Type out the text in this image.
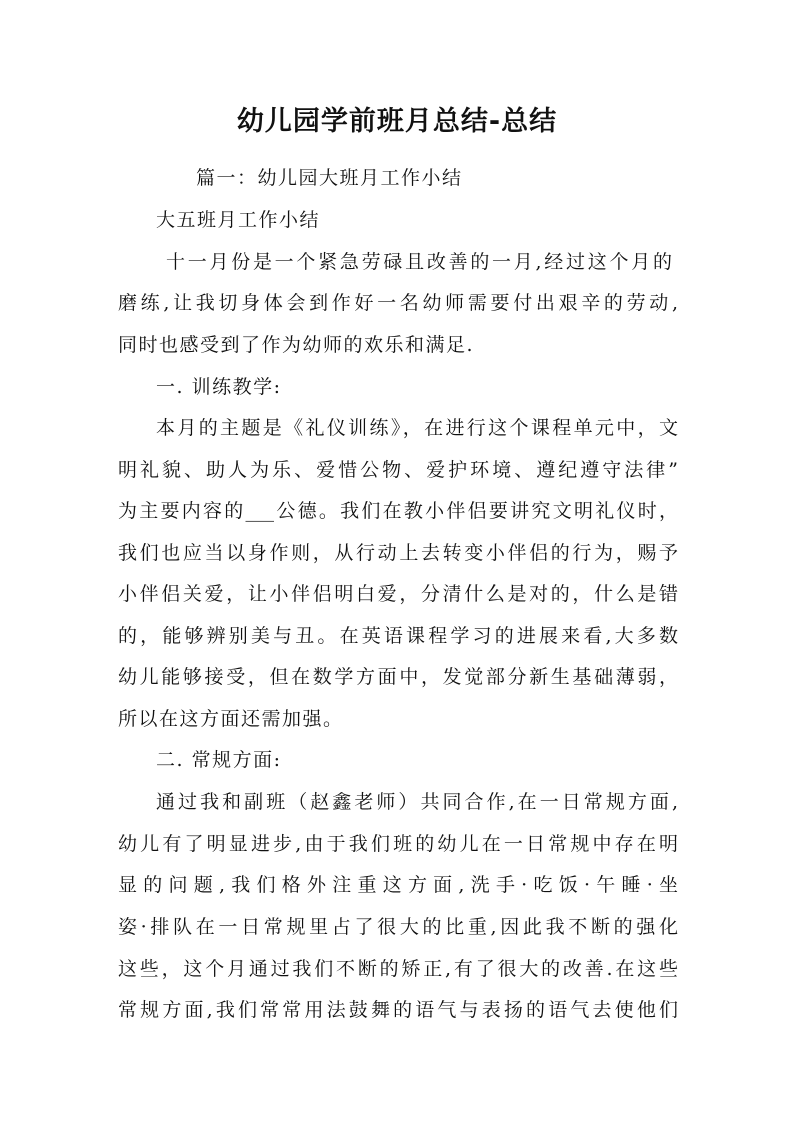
幼儿园学前班月总结-总结

篇一：幼儿园大班月工作小结

大五班月工作小结

十一月份是一个紧急劳碌且改善的一月,经过这个月的

磨练,让我切身体会到作好一名幼师需要付出艰辛的劳动,

同时也感受到了作为幼师的欢乐和满足.

一. 训练教学:

本月的主题是《礼仪训练》，在进行这个课程单元中，文

明礼貌、助人为乐、爱惜公物、爱护环境、遵纪遵守法律”

为主要内容的___公德。我们在教小伴侣要讲究文明礼仪时，

我们也应当以身作则，从行动上去转变小伴侣的行为，赐予

小伴侣关爱，让小伴侣明白爱，分清什么是对的，什么是错

的，能够辨别美与丑。在英语课程学习的进展来看,大多数

幼儿能够接受，但在数学方面中，发觉部分新生基础薄弱，

所以在这方面还需加强。

二. 常规方面:

通过我和副班（赵鑫老师）共同合作,在一日常规方面,

幼儿有了明显进步,由于我们班的幼儿在一日常规中存在明

显的问题,我们格外注重这方面,洗手·吃饭·午睡·坐

姿·排队在一日常规里占了很大的比重,因此我不断的强化

这些，这个月通过我们不断的矫正,有了很大的改善.在这些

常规方面,我们常常用法鼓舞的语气与表扬的语气去使他们
